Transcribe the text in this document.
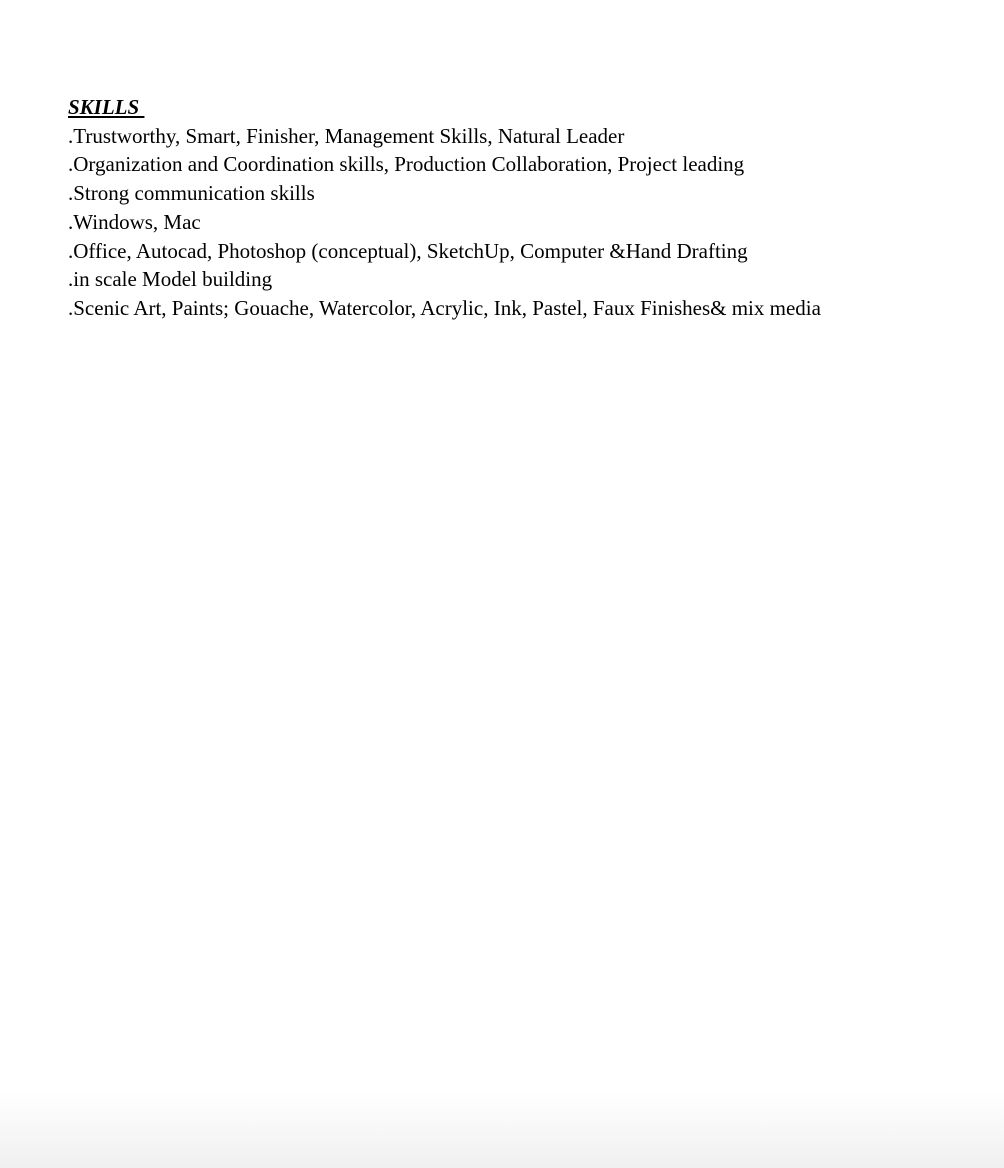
SKILLS
.Trustworthy, Smart, Finisher, Management Skills, Natural Leader
.Organization and Coordination skills, Production Collaboration, Project leading
.Strong communication skills
.Windows, Mac
.Office, Autocad, Photoshop (conceptual), SketchUp, Computer &Hand Drafting
.in scale Model building
.Scenic Art, Paints; Gouache, Watercolor, Acrylic, Ink, Pastel, Faux Finishes& mix media
